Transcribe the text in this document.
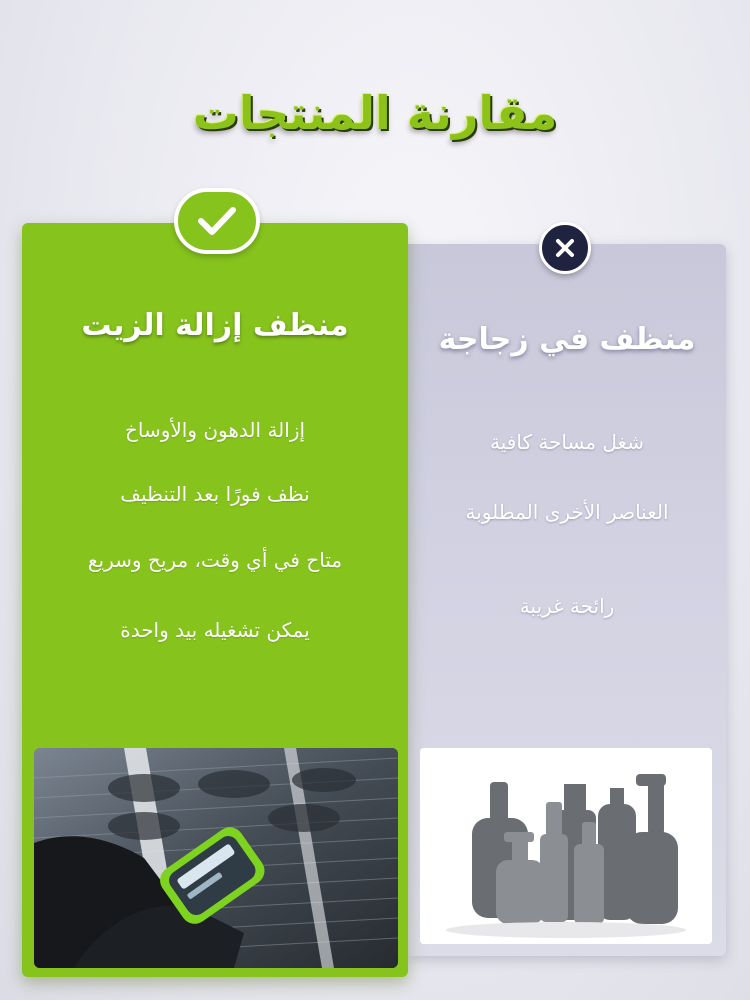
مقارنة المنتجات
منظف إزالة الزيت	منظف في زجاجة
إزالة الدهون والأوساخ
نظف فورًا بعد التنظيف
متاح في أي وقت، مريح وسريع
يمكن تشغيله بيد واحدة
شغل مساحة كافية
العناصر الأخرى المطلوبة
رائحة غريبة
